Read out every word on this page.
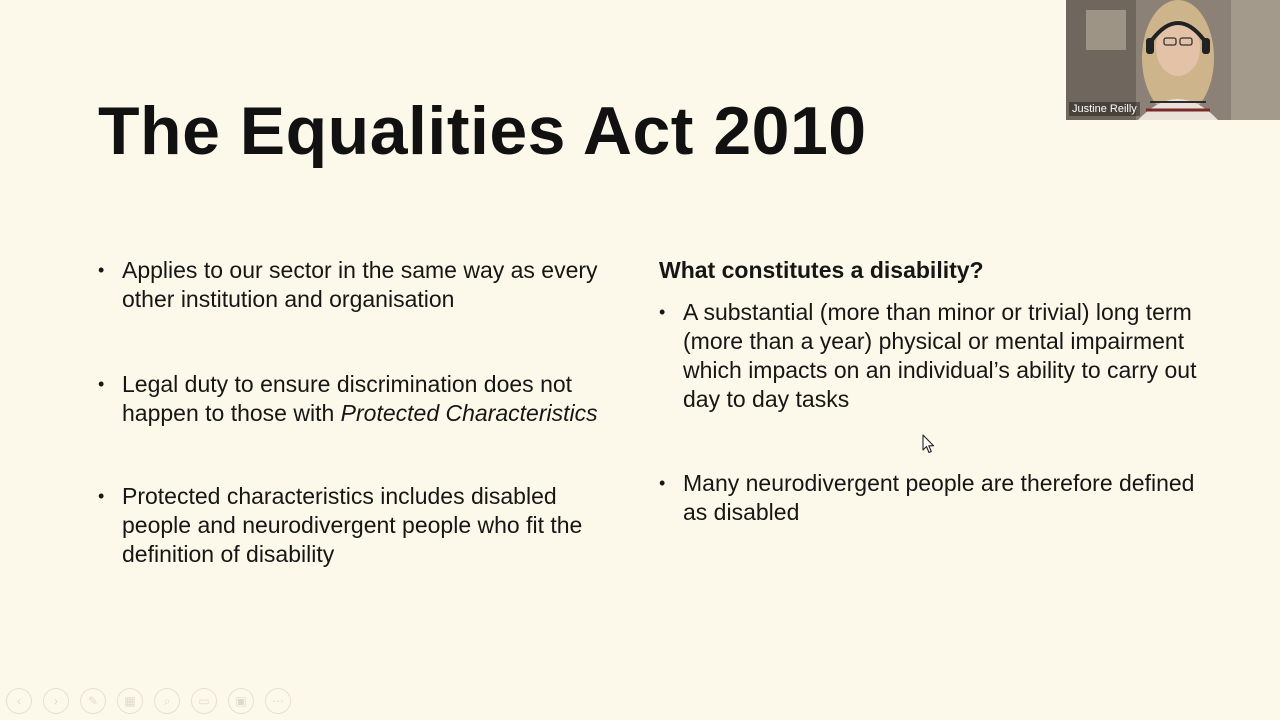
The Equalities Act 2010
• Applies to our sector in the same way as every other institution and organisation
• Legal duty to ensure discrimination does not happen to those with Protected Characteristics
• Protected characteristics includes disabled people and neurodivergent people who fit the definition of disability
What constitutes a disability?
• A substantial (more than minor or trivial) long term (more than a year) physical or mental impairment which impacts on an individual’s ability to carry out day to day tasks
• Many neurodivergent people are therefore defined as disabled
Justine Reilly
‹	›	✎	▦	⌕	▭	▣	⋯
